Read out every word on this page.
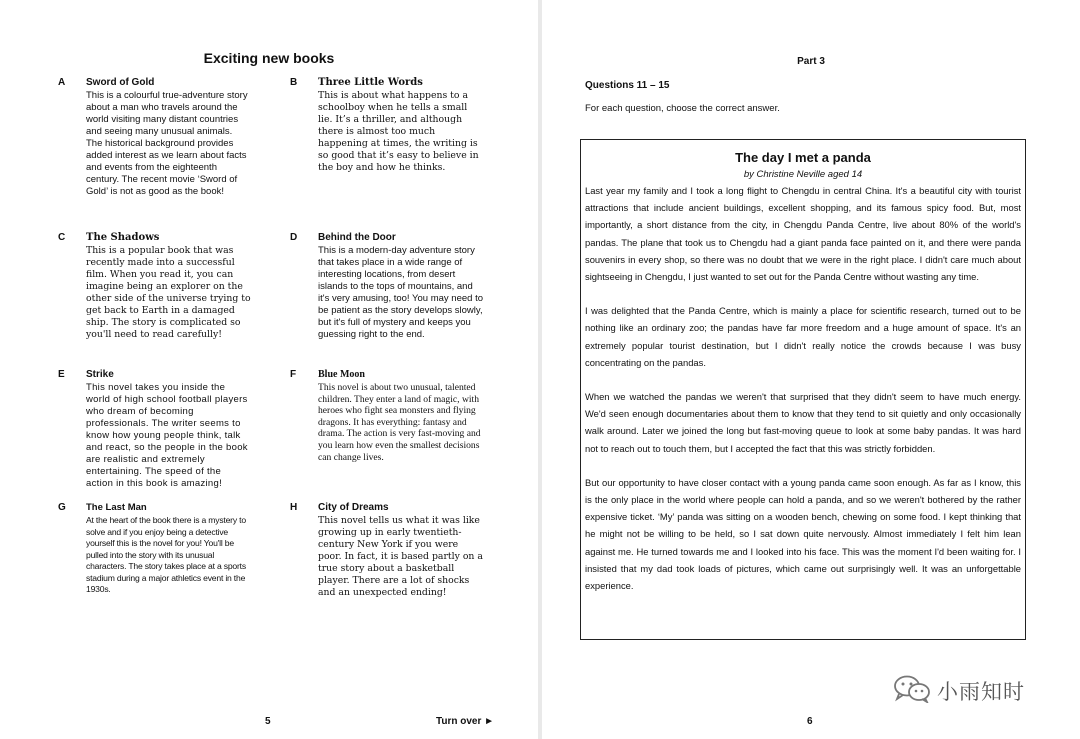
Exciting new books
A Sword of Gold
This is a colourful true-adventure story about a man who travels around the world visiting many distant countries and seeing many unusual animals. The historical background provides added interest as we learn about facts and events from the eighteenth century. The recent movie ‘Sword of Gold’ is not as good as the book!
B Three Little Words
This is about what happens to a schoolboy when he tells a small lie. It’s a thriller, and although there is almost too much happening at times, the writing is so good that it’s easy to believe in the boy and how he thinks.
C The Shadows
This is a popular book that was recently made into a successful film. When you read it, you can imagine being an explorer on the other side of the universe trying to get back to Earth in a damaged ship. The story is complicated so you'll need to read carefully!
D Behind the Door
This is a modern-day adventure story that takes place in a wide range of interesting locations, from desert islands to the tops of mountains, and it's very amusing, too! You may need to be patient as the story develops slowly, but it's full of mystery and keeps you guessing right to the end.
E Strike
This novel takes you inside the world of high school football players who dream of becoming professionals. The writer seems to know how young people think, talk and react, so the people in the book are realistic and extremely entertaining. The speed of the action in this book is amazing!
F Blue Moon
This novel is about two unusual, talented children. They enter a land of magic, with heroes who fight sea monsters and flying dragons. It has everything: fantasy and drama. The action is very fast-moving and you learn how even the smallest decisions can change lives.
G The Last Man
At the heart of the book there is a mystery to solve and if you enjoy being a detective yourself this is the novel for you! You'll be pulled into the story with its unusual characters. The story takes place at a sports stadium during a major athletics event in the 1930s.
H City of Dreams
This novel tells us what it was like growing up in early twentieth-century New York if you were poor. In fact, it is based partly on a true story about a basketball player. There are a lot of shocks and an unexpected ending!
5	Turn over ►
Part 3
Questions 11 – 15
For each question, choose the correct answer.
The day I met a panda
by Christine Neville aged 14

Last year my family and I took a long flight to Chengdu in central China. It's a beautiful city with tourist attractions that include ancient buildings, excellent shopping, and its famous spicy food. But, most importantly, a short distance from the city, in Chengdu Panda Centre, live about 80% of the world's pandas. The plane that took us to Chengdu had a giant panda face painted on it, and there were panda souvenirs in every shop, so there was no doubt that we were in the right place. I didn't care much about sightseeing in Chengdu, I just wanted to set out for the Panda Centre without wasting any time.

I was delighted that the Panda Centre, which is mainly a place for scientific research, turned out to be nothing like an ordinary zoo; the pandas have far more freedom and a huge amount of space. It's an extremely popular tourist destination, but I didn't really notice the crowds because I was busy concentrating on the pandas.

When we watched the pandas we weren't that surprised that they didn't seem to have much energy. We'd seen enough documentaries about them to know that they tend to sit quietly and only occasionally walk around. Later we joined the long but fast-moving queue to look at some baby pandas. It was hard not to reach out to touch them, but I accepted the fact that this was strictly forbidden.

But our opportunity to have closer contact with a young panda came soon enough. As far as I know, this is the only place in the world where people can hold a panda, and so we weren't bothered by the rather expensive ticket. ‘My’ panda was sitting on a wooden bench, chewing on some food. I kept thinking that he might not be willing to be held, so I sat down quite nervously. Almost immediately I felt him lean against me. He turned towards me and I looked into his face. This was the moment I'd been waiting for. I insisted that my dad took loads of pictures, which came out surprisingly well. It was an unforgettable experience.

6
小雨知时
